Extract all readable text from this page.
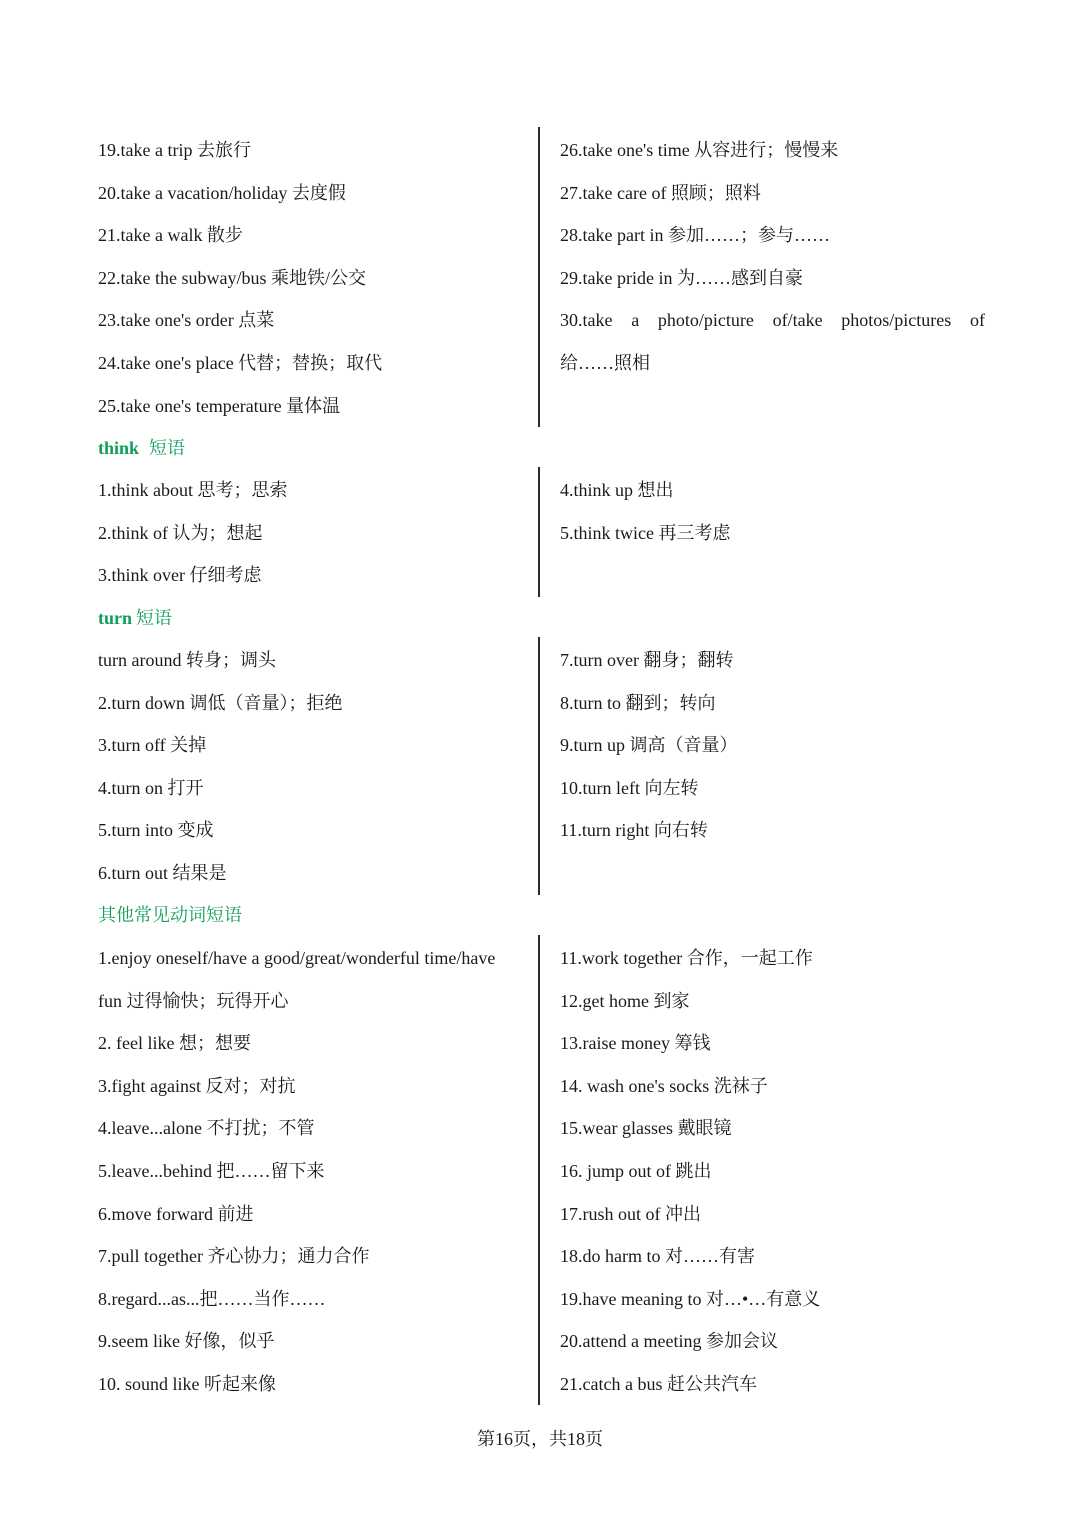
19.take a trip 去旅行
20.take a vacation/holiday 去度假
21.take a walk 散步
22.take the subway/bus 乘地铁/公交
23.take one's order 点菜
24.take one's place 代替；替换；取代
25.take one's temperature 量体温
26.take one's time 从容进行；慢慢来
27.take care of 照顾；照料
28.take part in 参加……；参与……
29.take pride in 为……感到自豪
30.take a photo/picture of/take photos/pictures of
给……照相
think 短语
1.think about 思考；思索
2.think of 认为；想起
3.think over 仔细考虑
4.think up 想出
5.think twice 再三考虑
turn 短语
turn around 转身；调头
2.turn down 调低（音量）；拒绝
3.turn off 关掉
4.turn on 打开
5.turn into 变成
6.turn out 结果是
7.turn over 翻身；翻转
8.turn to 翻到；转向
9.turn up 调高（音量）
10.turn left 向左转
11.turn right 向右转
其他常见动词短语
1.enjoy oneself/have a good/great/wonderful time/have
fun 过得愉快；玩得开心
2. feel like 想；想要
3.fight against 反对；对抗
4.leave...alone 不打扰；不管
5.leave...behind 把……留下来
6.move forward 前进
7.pull together 齐心协力；通力合作
8.regard...as...把……当作……
9.seem like 好像，似乎
10. sound like 听起来像
11.work together 合作，一起工作
12.get home 到家
13.raise money 筹钱
14. wash one's socks 洗袜子
15.wear glasses 戴眼镜
16. jump out of 跳出
17.rush out of 冲出
18.do harm to 对……有害
19.have meaning to 对…•…有意义
20.attend a meeting 参加会议
21.catch a bus 赶公共汽车
第16页，共18页
